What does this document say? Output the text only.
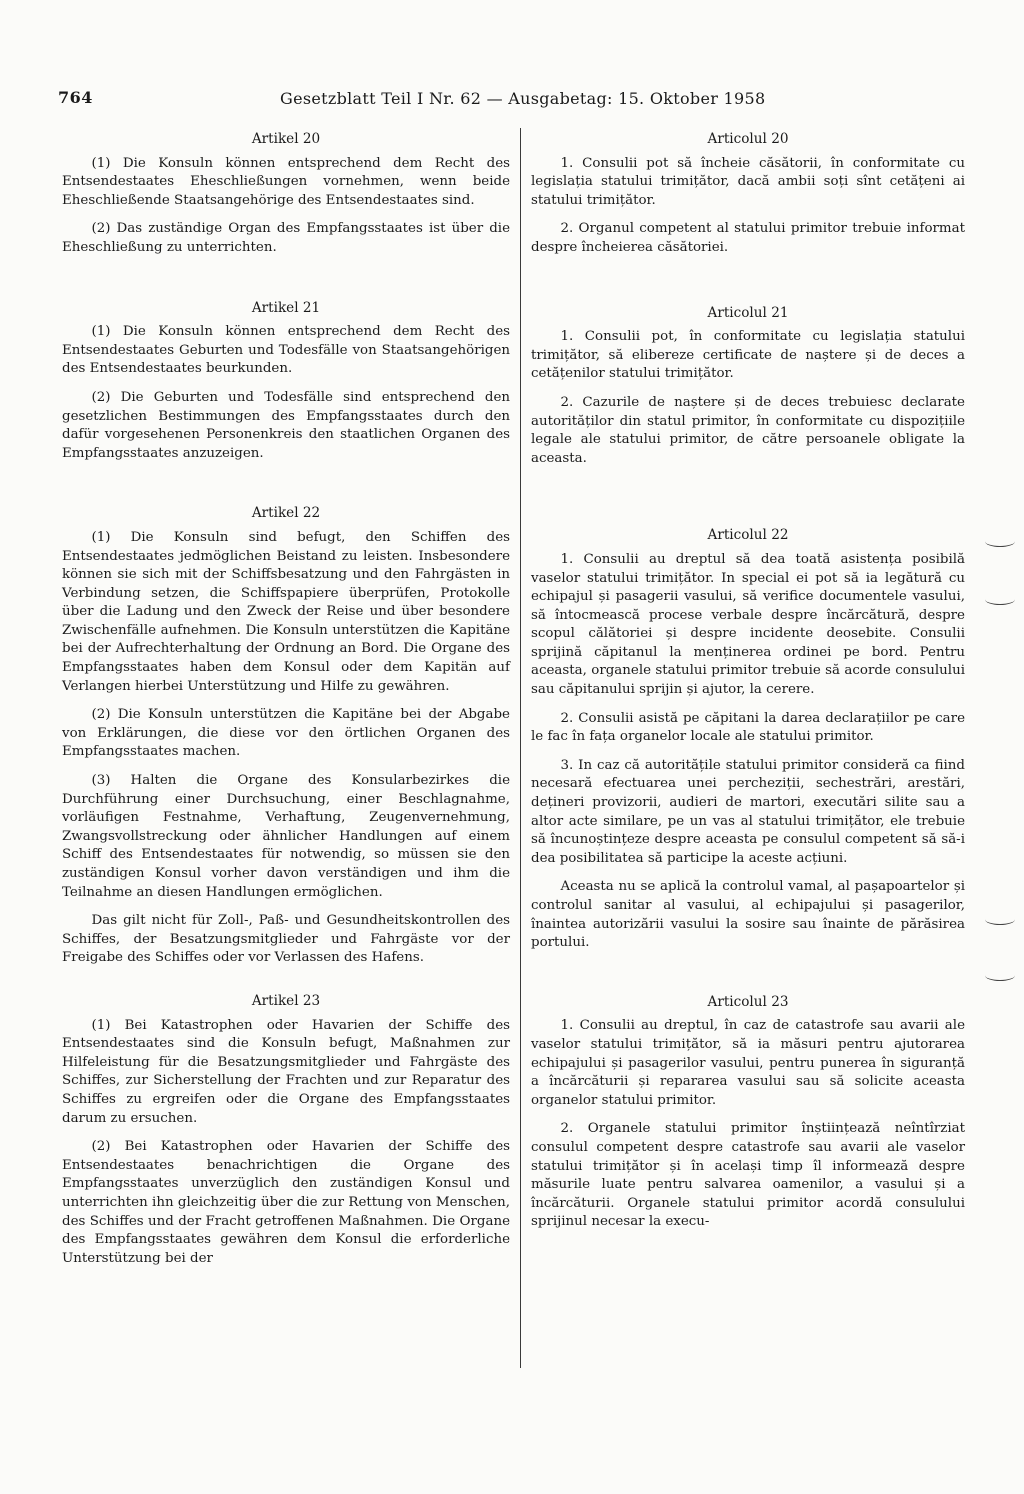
764	Gesetzblatt Teil I Nr. 62 — Ausgabetag: 15. Oktober 1958
Artikel 20

(1) Die Konsuln können entsprechend dem Recht des Entsendestaates Eheschließungen vornehmen, wenn beide Eheschließende Staatsangehörige des Entsendestaates sind.

(2) Das zuständige Organ des Empfangsstaates ist über die Eheschließung zu unterrichten.

Artikel 21

(1) Die Konsuln können entsprechend dem Recht des Entsendestaates Geburten und Todesfälle von Staatsangehörigen des Entsendestaates beurkunden.

(2) Die Geburten und Todesfälle sind entsprechend den gesetzlichen Bestimmungen des Empfangsstaates durch den dafür vorgesehenen Personenkreis den staatlichen Organen des Empfangsstaates anzuzeigen.

Artikel 22

(1) Die Konsuln sind befugt, den Schiffen des Entsendestaates jedmöglichen Beistand zu leisten. Insbesondere können sie sich mit der Schiffsbesatzung und den Fahrgästen in Verbindung setzen, die Schiffspapiere überprüfen, Protokolle über die Ladung und den Zweck der Reise und über besondere Zwischenfälle aufnehmen. Die Konsuln unterstützen die Kapitäne bei der Aufrechterhaltung der Ordnung an Bord. Die Organe des Empfangsstaates haben dem Konsul oder dem Kapitän auf Verlangen hierbei Unterstützung und Hilfe zu gewähren.

(2) Die Konsuln unterstützen die Kapitäne bei der Abgabe von Erklärungen, die diese vor den örtlichen Organen des Empfangsstaates machen.

(3) Halten die Organe des Konsularbezirkes die Durchführung einer Durchsuchung, einer Beschlagnahme, vorläufigen Festnahme, Verhaftung, Zeugenvernehmung, Zwangsvollstreckung oder ähnlicher Handlungen auf einem Schiff des Entsendestaates für notwendig, so müssen sie den zuständigen Konsul vorher davon verständigen und ihm die Teilnahme an diesen Handlungen ermöglichen.

Das gilt nicht für Zoll-, Paß- und Gesundheitskontrollen des Schiffes, der Besatzungsmitglieder und Fahrgäste vor der Freigabe des Schiffes oder vor Verlassen des Hafens.

Artikel 23

(1) Bei Katastrophen oder Havarien der Schiffe des Entsendestaates sind die Konsuln befugt, Maßnahmen zur Hilfeleistung für die Besatzungsmitglieder und Fahrgäste des Schiffes, zur Sicherstellung der Frachten und zur Reparatur des Schiffes zu ergreifen oder die Organe des Empfangsstaates darum zu ersuchen.

(2) Bei Katastrophen oder Havarien der Schiffe des Entsendestaates benachrichtigen die Organe des Empfangsstaates unverzüglich den zuständigen Konsul und unterrichten ihn gleichzeitig über die zur Rettung von Menschen, des Schiffes und der Fracht getroffenen Maßnahmen. Die Organe des Empfangsstaates gewähren dem Konsul die erforderliche Unterstützung bei der

Articolul 20

1. Consulii pot să încheie căsătorii, în conformitate cu legislația statului trimițător, dacă ambii soți sînt cetățeni ai statului trimițător.

2. Organul competent al statului primitor trebuie informat despre încheierea căsătoriei.

Articolul 21

1. Consulii pot, în conformitate cu legislația statului trimițător, să elibereze certificate de naștere și de deces a cetățenilor statului trimițător.

2. Cazurile de naștere și de deces trebuiesc declarate autorităților din statul primitor, în conformitate cu dispozițiile legale ale statului primitor, de către persoanele obligate la aceasta.

Articolul 22

1. Consulii au dreptul să dea toată asistența posibilă vaselor statului trimițător. In special ei pot să ia legătură cu echipajul și pasagerii vasului, să verifice documentele vasului, să întocmească procese verbale despre încărcătură, despre scopul călătoriei și despre incidente deosebite. Consulii sprijină căpitanul la menținerea ordinei pe bord. Pentru aceasta, organele statului primitor trebuie să acorde consulului sau căpitanului sprijin și ajutor, la cerere.

2. Consulii asistă pe căpitani la darea declarațiilor pe care le fac în fața organelor locale ale statului primitor.

3. In caz că autoritățile statului primitor consideră ca fiind necesară efectuarea unei percheziții, sechestrări, arestări, dețineri provizorii, audieri de martori, executări silite sau a altor acte similare, pe un vas al statului trimițător, ele trebuie să încunoștințeze despre aceasta pe consulul competent să să-i dea posibilitatea să participe la aceste acțiuni.

Aceasta nu se aplică la controlul vamal, al pașapoartelor și controlul sanitar al vasului, al echipajului și pasagerilor, înaintea autorizării vasului la sosire sau înainte de părăsirea portului.

Articolul 23

1. Consulii au dreptul, în caz de catastrofe sau avarii ale vaselor statului trimițător, să ia măsuri pentru ajutorarea echipajului și pasagerilor vasului, pentru punerea în siguranță a încărcăturii și repararea vasului sau să solicite aceasta organelor statului primitor.

2. Organele statului primitor înștiințează neîntîrziat consulul competent despre catastrofe sau avarii ale vaselor statului trimițător și în același timp îl informează despre măsurile luate pentru salvarea oamenilor, a vasului și a încărcăturii. Organele statului primitor acordă consulului sprijinul necesar la execu-
